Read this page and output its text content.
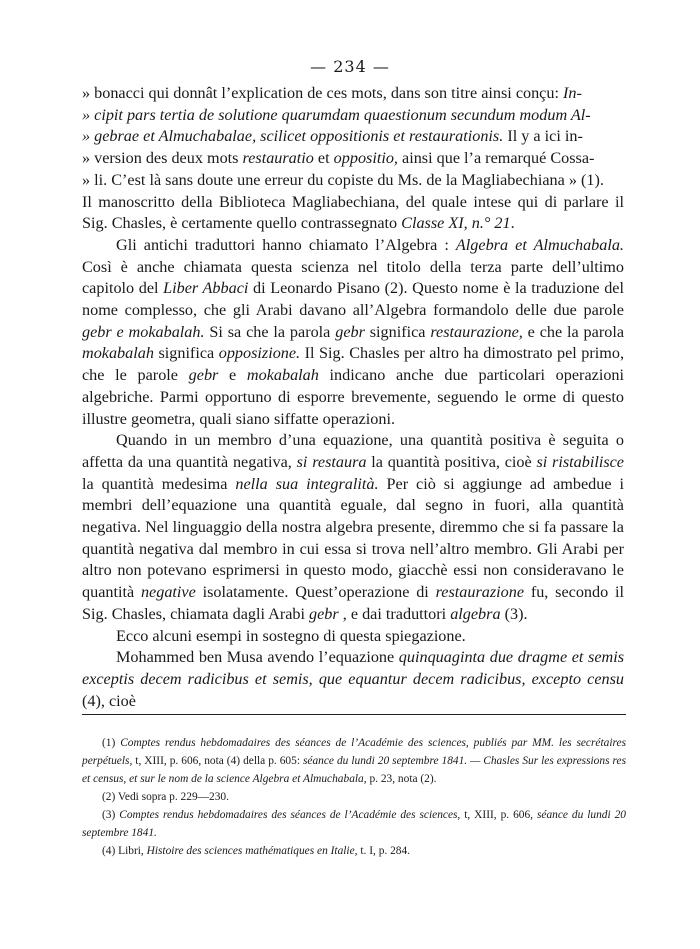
— 234 —

» bonacci qui donnât l’explication de ces mots, dans son titre ainsi conçu: In-
» cipit pars tertia de solutione quarumdam quaestionum secundum modum Al-
» gebrae et Almuchabalae, scilicet oppositionis et restaurationis. Il y a ici in-
» version des deux mots restauratio et oppositio, ainsi que l’a remarqué Cossa-
» li. C’est là sans doute une erreur du copiste du Ms. de la Magliabechiana » (1).

Il manoscritto della Biblioteca Magliabechiana, del quale intese qui di parlare il Sig. Chasles, è certamente quello contrassegnato Classe XI, n.° 21.

Gli antichi traduttori hanno chiamato l’Algebra : Algebra et Almuchabala. Così è anche chiamata questa scienza nel titolo della terza parte dell’ultimo capitolo del Liber Abbaci di Leonardo Pisano (2). Questo nome è la traduzione del nome complesso, che gli Arabi davano all’Algebra formandolo delle due parole gebr e mokabalah. Si sa che la parola gebr significa restaurazione, e che la parola mokabalah significa opposizione. Il Sig. Chasles per altro ha dimostrato pel primo, che le parole gebr e mokabalah indicano anche due particolari operazioni algebriche. Parmi opportuno di esporre brevemente, seguendo le orme di questo illustre geometra, quali siano siffatte operazioni.

Quando in un membro d’una equazione, una quantità positiva è seguita o affetta da una quantità negativa, si restaura la quantità positiva, cioè si ristabilisce la quantità medesima nella sua integralità. Per ciò si aggiunge ad ambedue i membri dell’equazione una quantità eguale, dal segno in fuori, alla quantità negativa. Nel linguaggio della nostra algebra presente, diremmo che si fa passare la quantità negativa dal membro in cui essa si trova nell’altro membro. Gli Arabi per altro non potevano esprimersi in questo modo, giacchè essi non consideravano le quantità negative isolatamente. Quest’operazione di restaurazione fu, secondo il Sig. Chasles, chiamata dagli Arabi gebr , e dai traduttori algebra (3).

Ecco alcuni esempi in sostegno di questa spiegazione.

Mohammed ben Musa avendo l’equazione quinquaginta due dragme et semis exceptis decem radicibus et semis, que equantur decem radicibus, excepto censu (4), cioè

(1) Comptes rendus hebdomadaires des séances de l’Académie des sciences, publiés par MM. les secrétaires perpétuels, t, XIII, p. 606, nota (4) della p. 605: séance du lundi 20 septembre 1841. — Chasles Sur les expressions res et census, et sur le nom de la science Algebra et Almuchabala, p. 23, nota (2).

(2) Vedi sopra p. 229—230.

(3) Comptes rendus hebdomadaires des séances de l’Académie des sciences, t, XIII, p. 606, séance du lundi 20 septembre 1841.

(4) Libri, Histoire des sciences mathématiques en Italie, t. I, p. 284.
